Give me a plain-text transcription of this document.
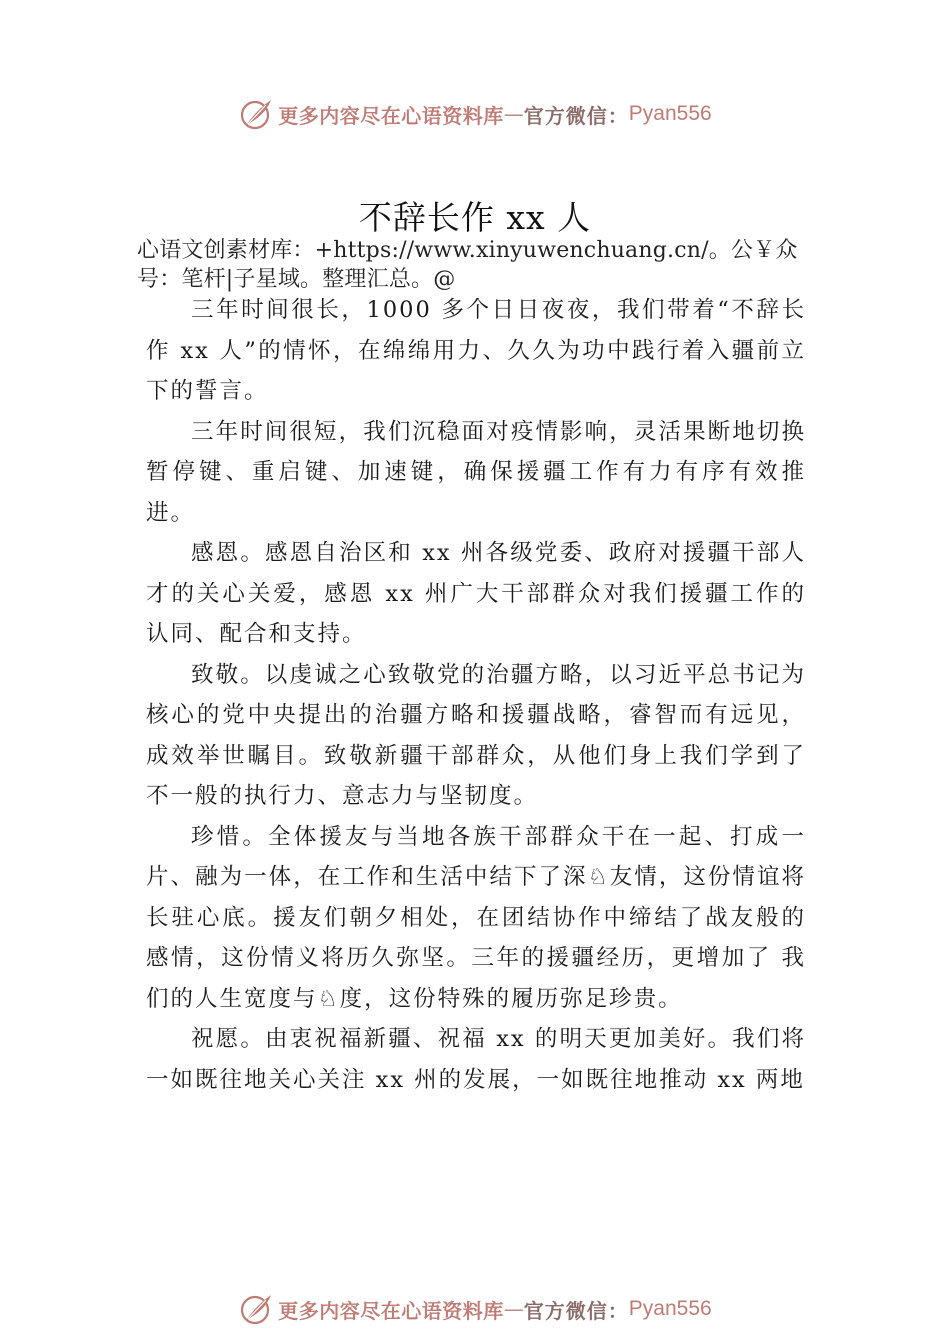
更多内容尽在心语资料库 — 官方微信： Pyan556
不辞长作 xx 人
心语文创素材库：+https://www.xinyuwenchuang.cn/。公￥众号：笔杆|子星域。整理汇总。@

三年时间很长，1000 多个日日夜夜，我们带着“不辞长作 xx 人”的情怀，在绵绵用力、久久为功中践行着入疆前立下的誓言。

三年时间很短，我们沉稳面对疫情影响，灵活果断地切换暂停键、重启键、加速键，确保援疆工作有力有序有效推进。

感恩。感恩自治区和 xx 州各级党委、政府对援疆干部人才的关心关爱，感恩 xx 州广大干部群众对我们援疆工作的认同、配合和支持。

致敬。以虔诚之心致敬党的治疆方略，以习近平总书记为核心的党中央提出的治疆方略和援疆战略，睿智而有远见，成效举世瞩目。致敬新疆干部群众，从他们身上我们学到了不一般的执行力、意志力与坚韧度。

珍惜。全体援友与当地各族干部群众干在一起、打成一片、融为一体，在工作和生活中结下了深♘友情，这份情谊将长驻心底。援友们朝夕相处，在团结协作中缔结了战友般的感情，这份情义将历久弥坚。三年的援疆经历，更增加了 我们的人生宽度与♘度，这份特殊的履历弥足珍贵。

祝愿。由衷祝福新疆、祝福 xx 的明天更加美好。我们将一如既往地关心关注 xx 州的发展，一如既往地推动 xx 两地

更多内容尽在心语资料库 — 官方微信： Pyan556
